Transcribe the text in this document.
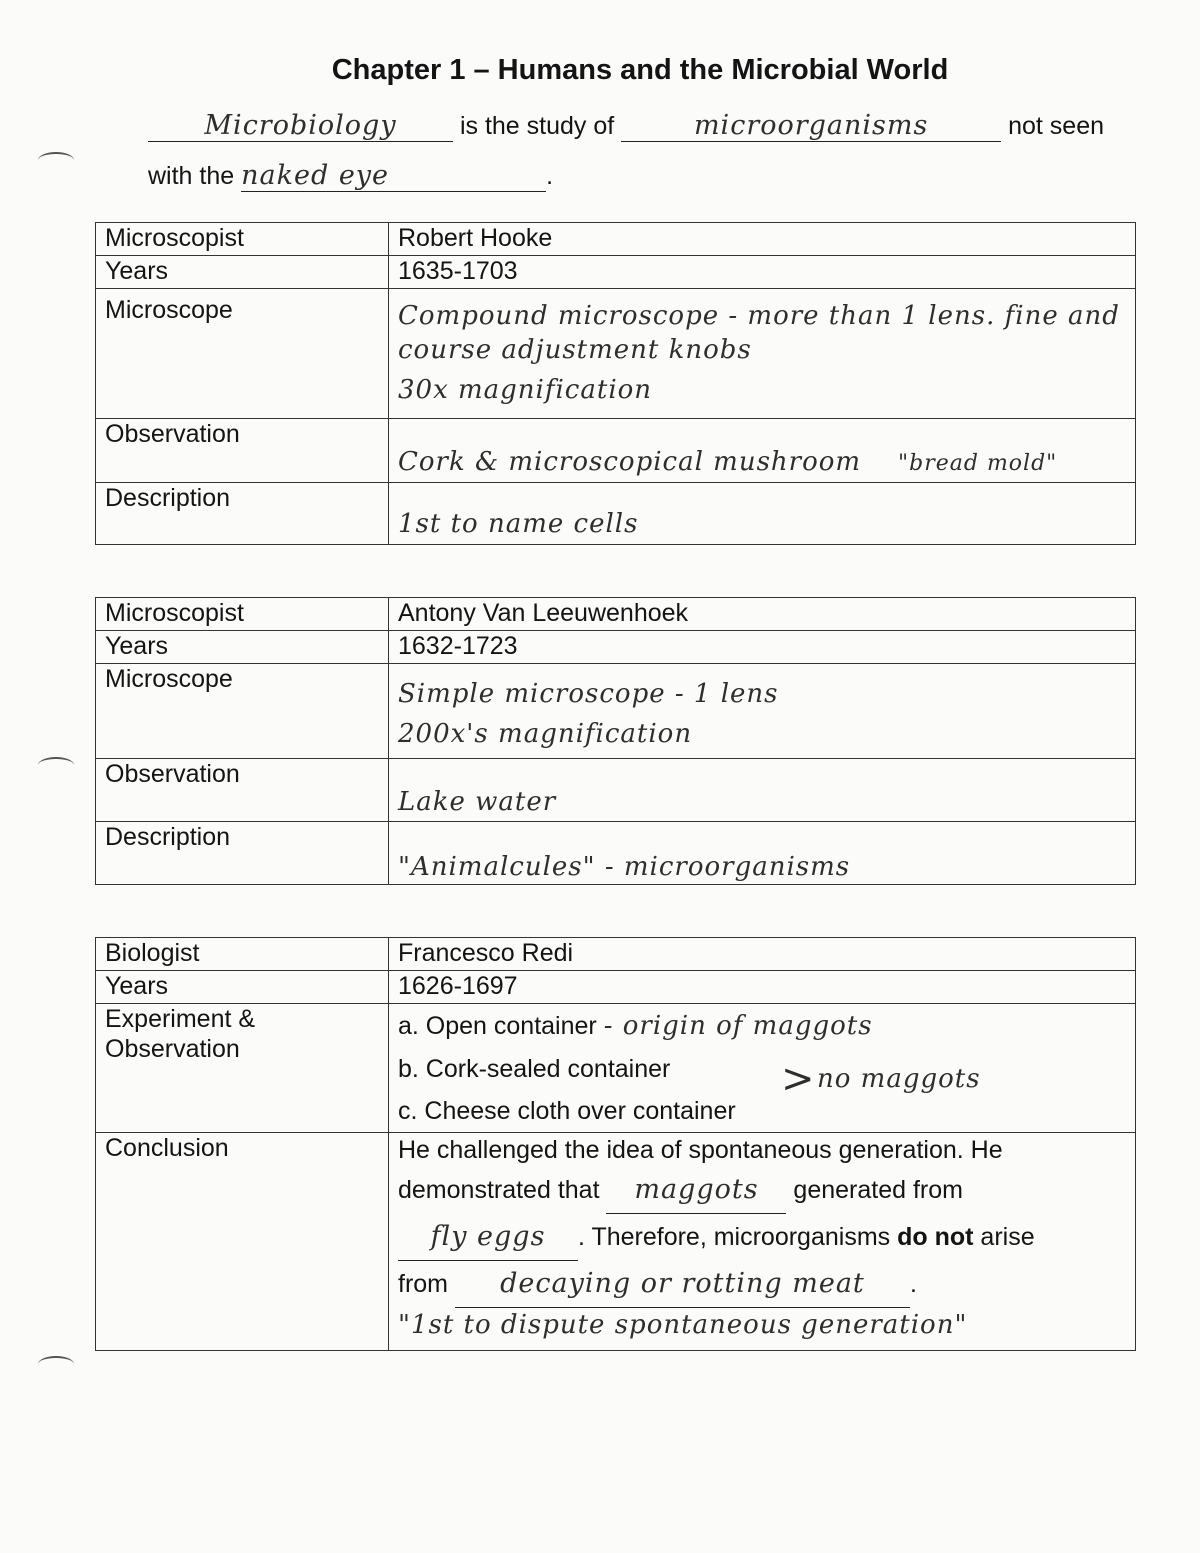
Chapter 1 – Humans and the Microbial World
Microbiology	is the study of	microorganisms	not seen
with the naked eye	.
Microscopist	Robert Hooke
Years	1635-1703
Microscope	Compound microscope - more than 1 lens. fine and
course adjustment knobs
30x magnification

Observation	Cork & microscopical mushroom "bread mold"
Description	1st to name cells
Microscopist	Antony Van Leeuwenhoek
Years	1632-1723
Microscope	Simple microscope - 1 lens
200x's magnification

Observation	Lake water
Description	"Animalcules" - microorganisms
Biologist	Francesco Redi
Years	1626-1697

Experiment &
Observation	a. Open container - origin of maggots
b. Cork-sealed container
c. Cheese cloth over container
> no maggots

Conclusion	He challenged the idea of spontaneous generation. He
demonstrated that maggots generated from
fly eggs . Therefore, microorganisms do not arise
from decaying or rotting meat .
"1st to dispute spontaneous generation"
